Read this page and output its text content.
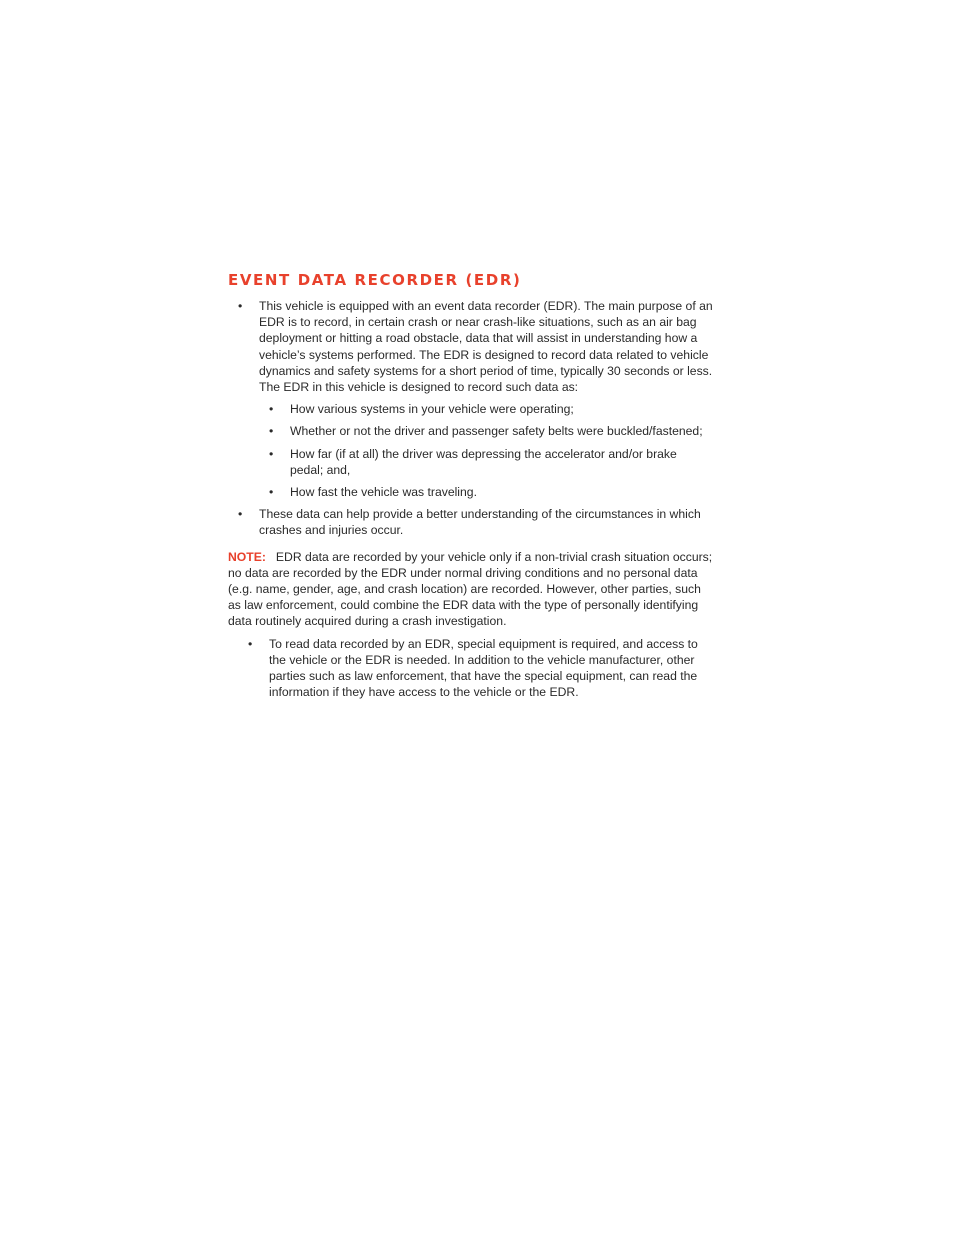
EVENT DATA RECORDER (EDR)
• This vehicle is equipped with an event data recorder (EDR). The main purpose of an EDR is to record, in certain crash or near crash-like situations, such as an air bag deployment or hitting a road obstacle, data that will assist in understanding how a vehicle’s systems performed. The EDR is designed to record data related to vehicle dynamics and safety systems for a short period of time, typically 30 seconds or less. The EDR in this vehicle is designed to record such data as:
• How various systems in your vehicle were operating;
• Whether or not the driver and passenger safety belts were buckled/fastened;
• How far (if at all) the driver was depressing the accelerator and/or brake pedal; and,
• How fast the vehicle was traveling.
• These data can help provide a better understanding of the circumstances in which crashes and injuries occur.

NOTE: EDR data are recorded by your vehicle only if a non-trivial crash situation occurs; no data are recorded by the EDR under normal driving conditions and no personal data (e.g. name, gender, age, and crash location) are recorded. However, other parties, such as law enforcement, could combine the EDR data with the type of personally identifying data routinely acquired during a crash investigation.

• To read data recorded by an EDR, special equipment is required, and access to the vehicle or the EDR is needed. In addition to the vehicle manufacturer, other parties such as law enforcement, that have the special equipment, can read the information if they have access to the vehicle or the EDR.
